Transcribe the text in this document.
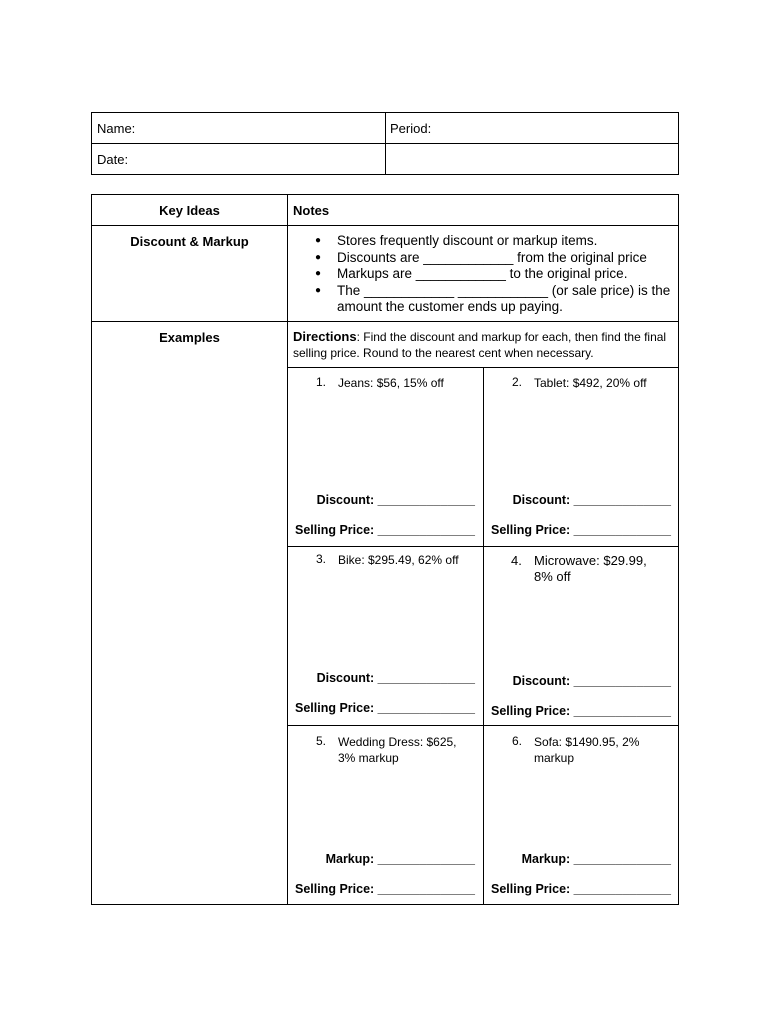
Name:	Period:
Date:
Key Ideas	Notes
Discount & Markup
●	Stores frequently discount or markup items.
● Discounts are ____________ from the original price
● Markups are ____________ to the original price.
● The ____________ ____________ (or sale price) is the amount the customer ends up paying.
Examples	Directions: Find the discount and markup for each, then find the final selling price. Round to the nearest cent when necessary.
1. Jeans: $56, 15% off
Discount: ______________
Selling Price: ______________
2. Tablet: $492, 20% off
Discount: ______________
Selling Price: ______________
3. Bike: $295.49, 62% off
Discount: ______________
Selling Price: ______________
4. Microwave: $29.99, 8% off
Discount: ______________
Selling Price: ______________
5. Wedding Dress: $625, 3% markup
Markup: ______________
Selling Price: ______________
6. Sofa: $1490.95, 2% markup
Markup: ______________
Selling Price: ______________
